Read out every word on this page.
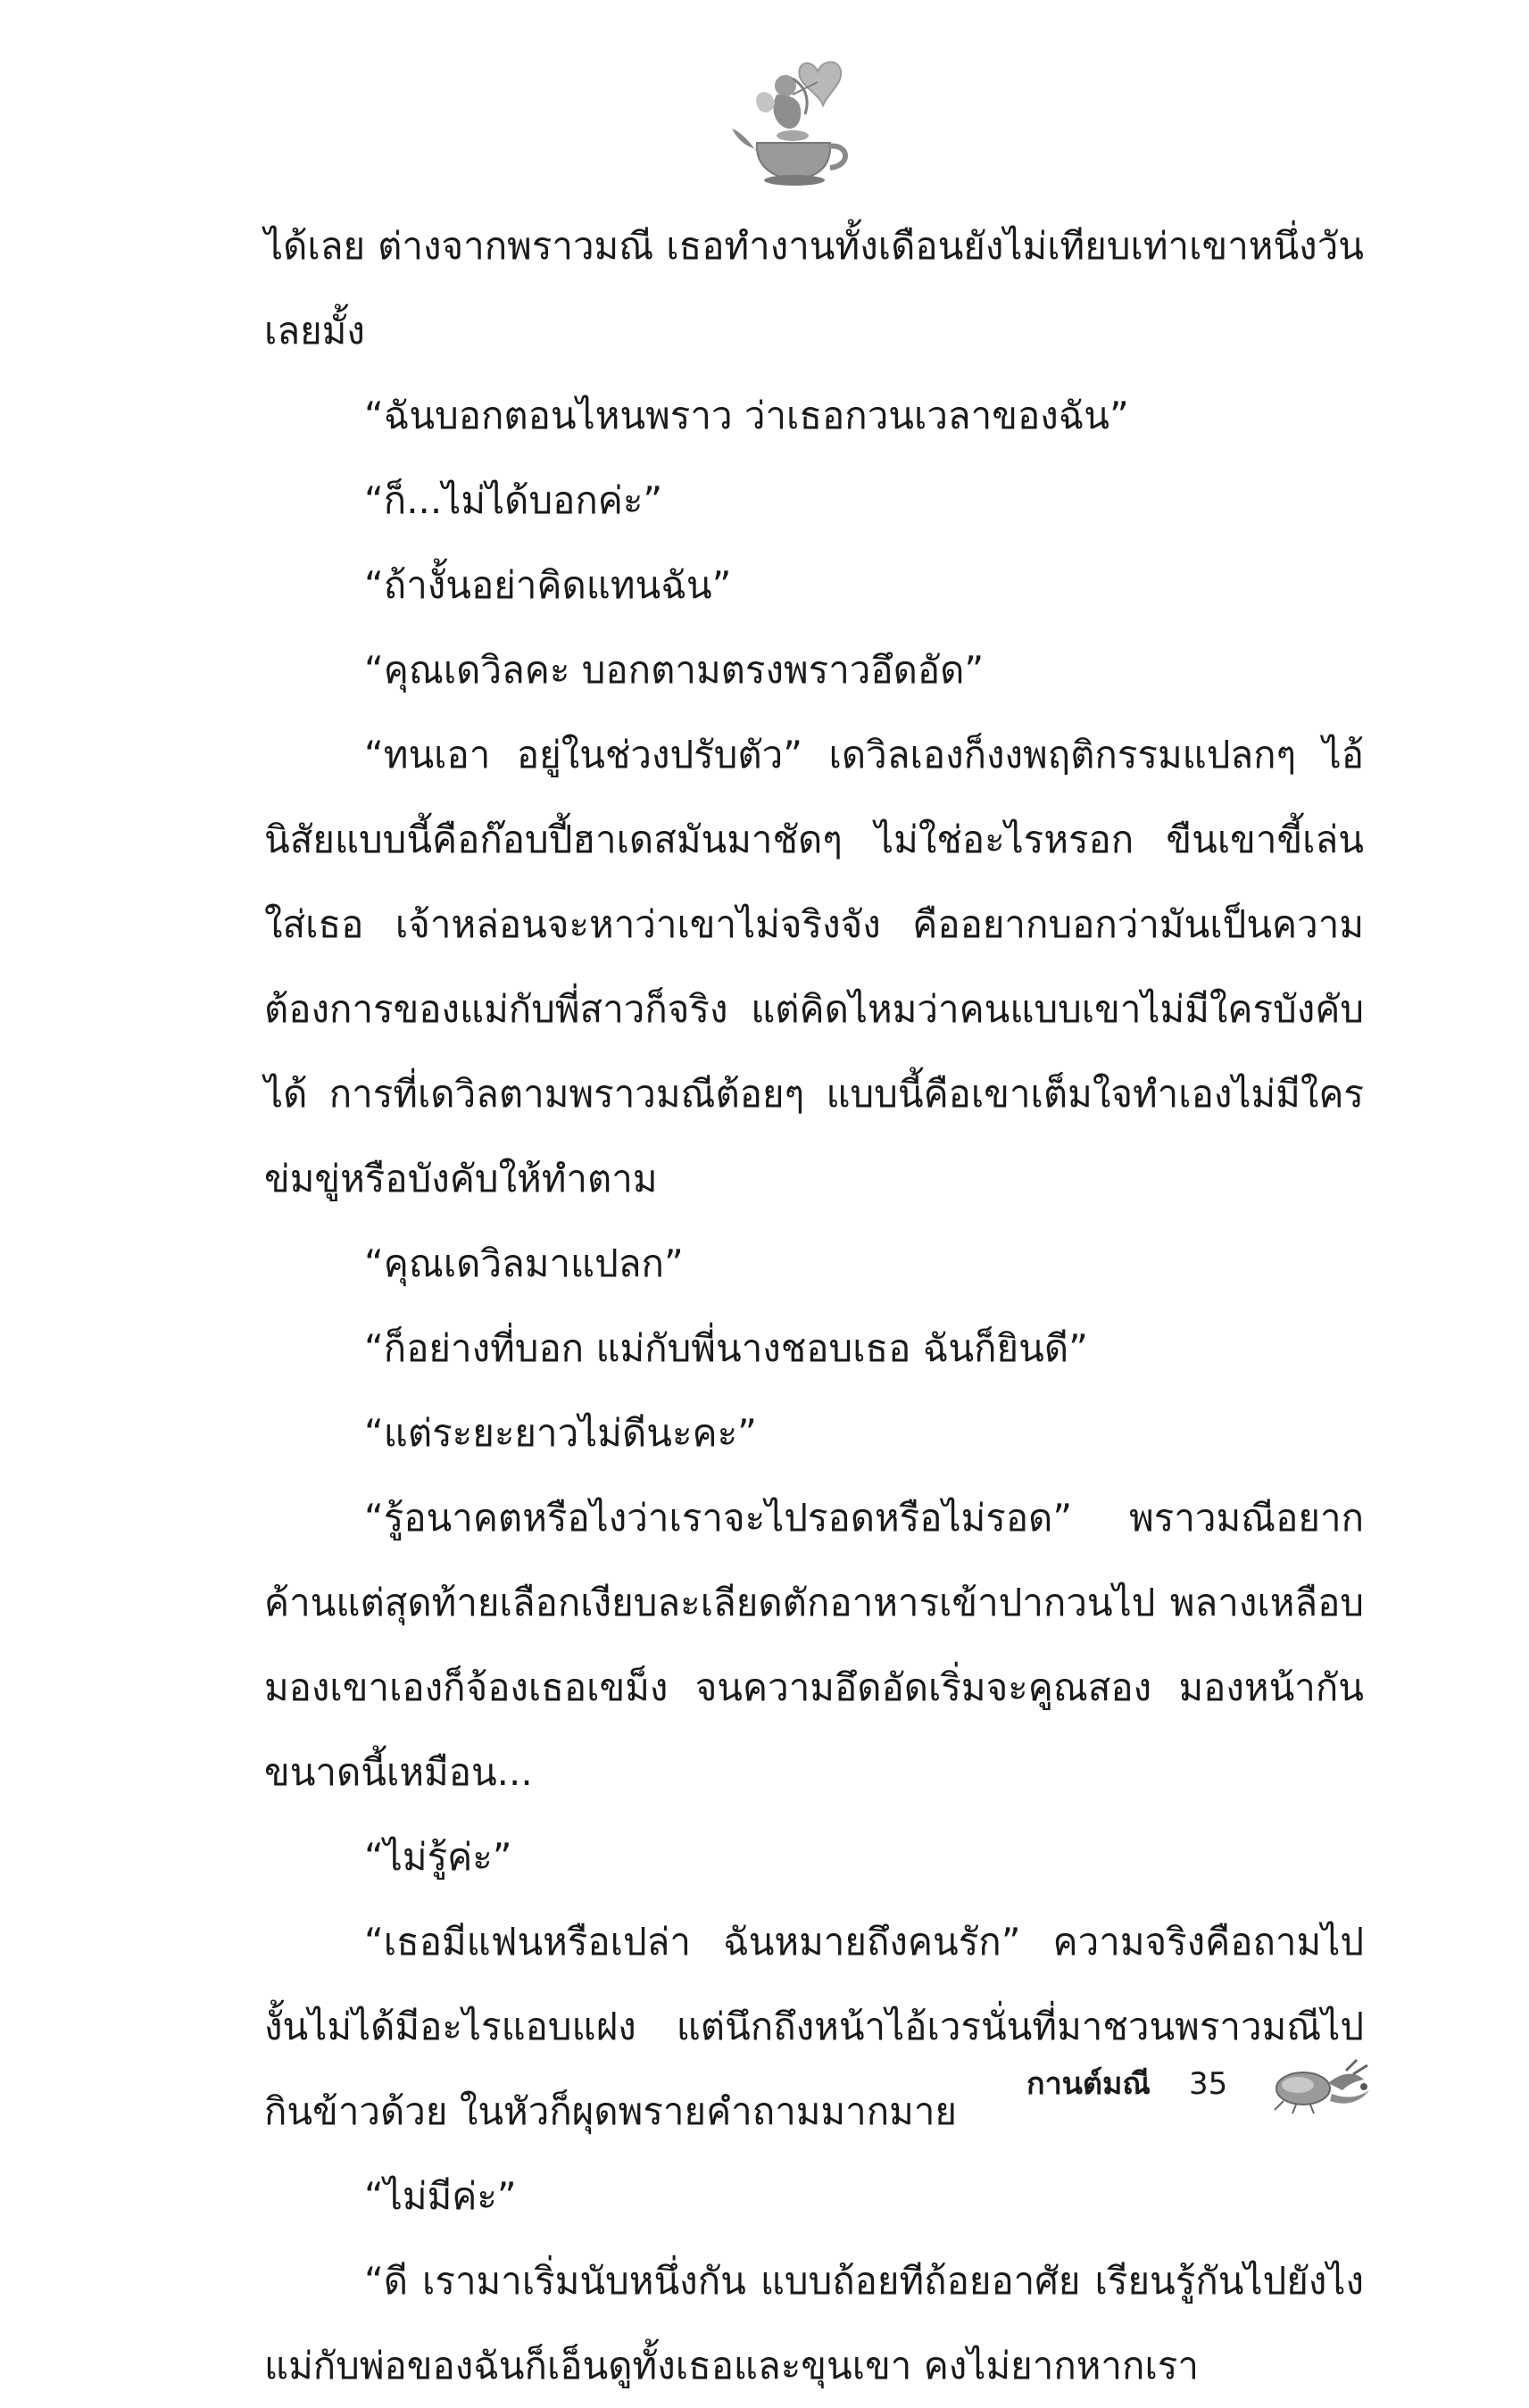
ได้เลย ต่างจากพราวมณี เธอทำงานทั้งเดือนยังไม่เทียบเท่าเขาหนึ่งวันเลยมั้ง

“ฉันบอกตอนไหนพราว ว่าเธอกวนเวลาของฉัน”

“ก็...ไม่ได้บอกค่ะ”

“ถ้างั้นอย่าคิดแทนฉัน”

“คุณเดวิลคะ บอกตามตรงพราวอึดอัด”

“ทนเอา อยู่ในช่วงปรับตัว” เดวิลเองก็งงพฤติกรรมแปลกๆ ไอ้นิสัยแบบนี้คือก๊อบปี้ฮาเดสมันมาชัดๆ ไม่ใช่อะไรหรอก ขืนเขาขี้เล่นใส่เธอ เจ้าหล่อนจะหาว่าเขาไม่จริงจัง คืออยากบอกว่ามันเป็นความต้องการของแม่กับพี่สาวก็จริง แต่คิดไหมว่าคนแบบเขาไม่มีใครบังคับได้ การที่เดวิลตามพราวมณีต้อยๆ แบบนี้คือเขาเต็มใจทำเองไม่มีใครข่มขู่หรือบังคับให้ทำตาม

“คุณเดวิลมาแปลก”

“ก็อย่างที่บอก แม่กับพี่นางชอบเธอ ฉันก็ยินดี”

“แต่ระยะยาวไม่ดีนะคะ”

“รู้อนาคตหรือไงว่าเราจะไปรอดหรือไม่รอด” พราวมณีอยากค้านแต่สุดท้ายเลือกเงียบละเลียดตักอาหารเข้าปากวนไป พลางเหลือบมองเขาเองก็จ้องเธอเขม็ง จนความอึดอัดเริ่มจะคูณสอง มองหน้ากันขนาดนี้เหมือน...

“ไม่รู้ค่ะ”

“เธอมีแฟนหรือเปล่า ฉันหมายถึงคนรัก” ความจริงคือถามไปงั้นไม่ได้มีอะไรแอบแฝง แต่นึกถึงหน้าไอ้เวรนั่นที่มาชวนพราวมณีไปกินข้าวด้วย ในหัวก็ผุดพรายคำถามมากมาย

“ไม่มีค่ะ”

“ดี เรามาเริ่มนับหนึ่งกัน แบบถ้อยทีถ้อยอาศัย เรียนรู้กันไปยังไงแม่กับพ่อของฉันก็เอ็นดูทั้งเธอและขุนเขา คงไม่ยากหากเรา

กานต์มณี 35
